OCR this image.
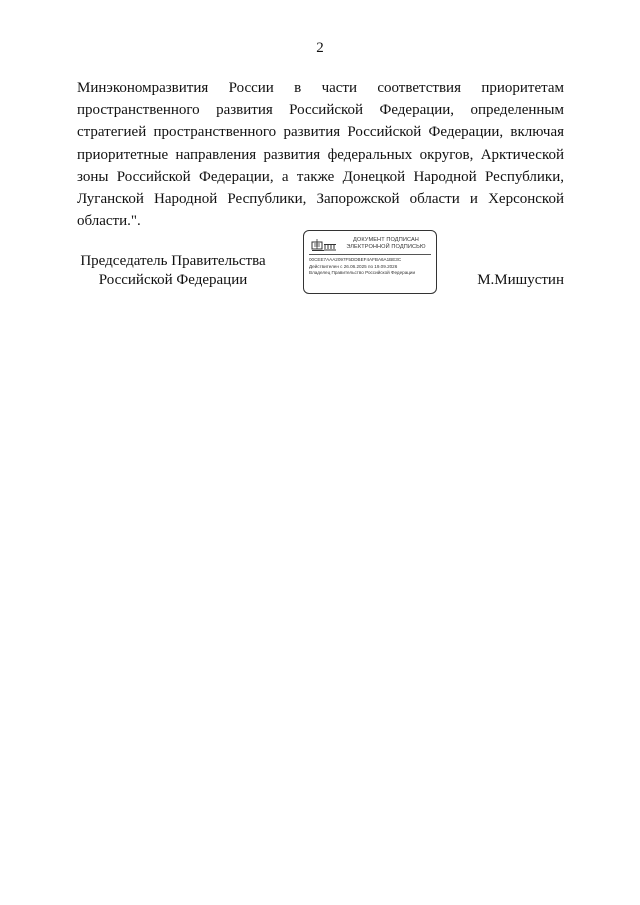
2

Минэкономразвития России в части соответствия приоритетам пространственного развития Российской Федерации, определенным стратегией пространственного развития Российской Федерации, включая приоритетные направления развития федеральных округов, Арктической зоны Российской Федерации, а также Донецкой Народной Республики, Луганской Народной Республики, Запорожской области и Херсонской области.".

Председатель Правительства
Российской Федерации
ДОКУМЕНТ ПОДПИСАН
ЭЛЕКТРОННОЙ ПОДПИСЬЮ
00CEE7AAA2097F5DDBEF4AFBA6A1BE3C
Действителен с 26.06.2025 по 19.09.2026
Владелец Правительство Российской Федерации	М.Мишустин
